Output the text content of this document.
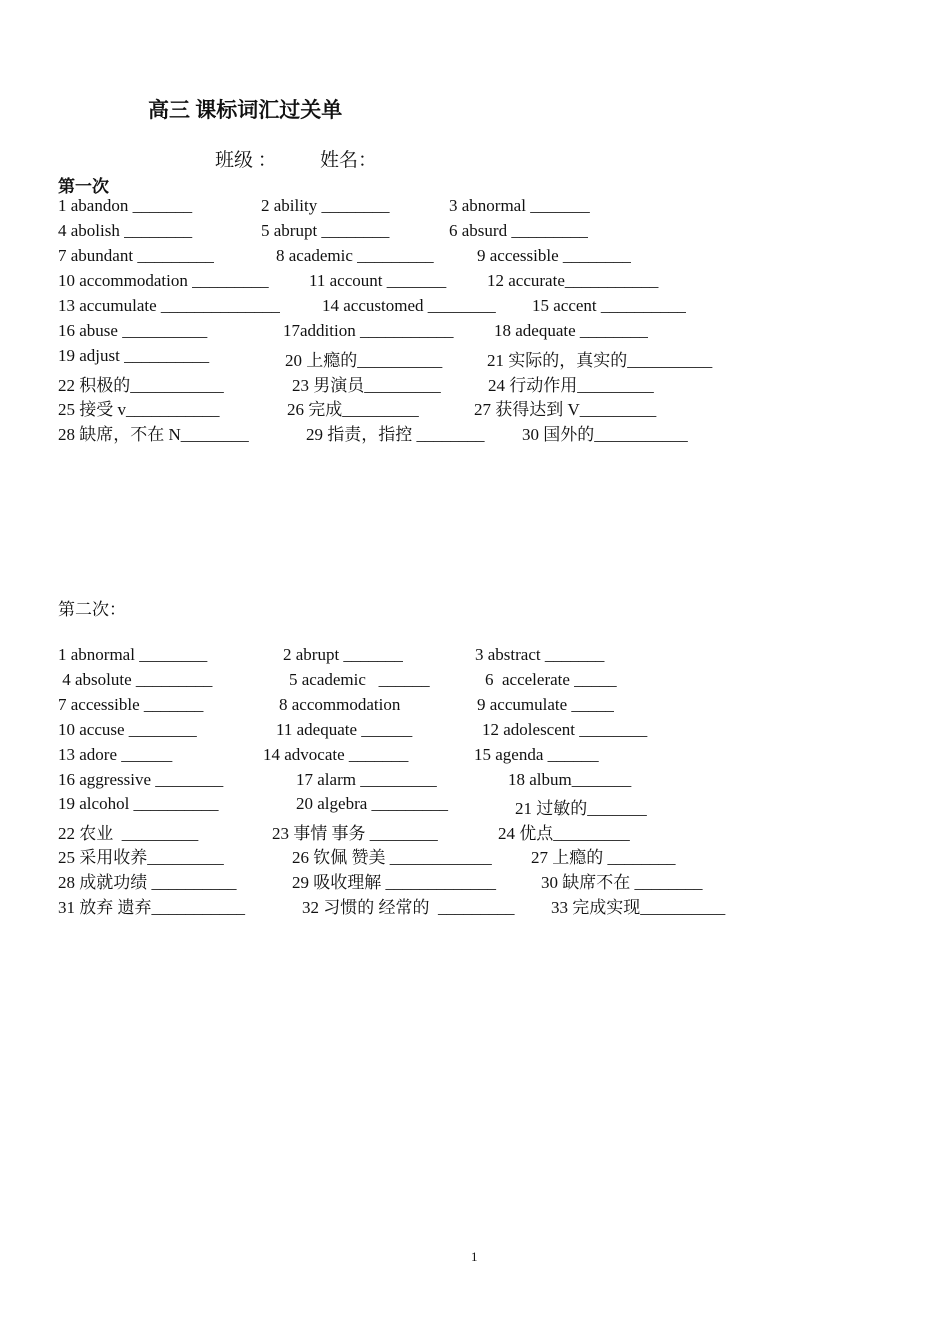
高三 课标词汇过关单
班级 ： 姓名：
第一次
1 abandon _______	2 ability ________	3 abnormal _______
4 abolish ________	5 abrupt ________	6 absurd _________
7 abundant _________	8 academic _________	9 accessible ________
10 accommodation _________ 11 account _______ 12 accurate___________
13 accumulate ______________ 14 accustomed ________ 15 accent __________
16 abuse __________	17addition ___________ 18 adequate ________
19 adjust __________	20 上瘾的__________	21 实际的，真实的__________
22 积极的___________	23 男演员_________	24 行动作用_________
25 接受 v___________	26 完成_________	27 获得达到 V_________
28 缺席，不在 N________	29 指责，指控 ________ 30 国外的___________
第二次：
1 abnormal ________	2 abrupt _______	3 abstract _______
4 absolute _________	5 academic   ______	6  accelerate _____
7 accessible _______	8 accommodation	9 accumulate _____
10 accuse ________	11 adequate ______	12 adolescent ________
13 adore ______	14 advocate _______	15 agenda ______
16 aggressive ________	17 alarm _________	18 album_______
19 alcohol __________	20 algebra _________	21 过敏的_______
22 农业  _________	23 事情 事务 ________	24 优点_________
25 采用收养_________	26 钦佩 赞美 ____________ 27 上瘾的 ________
28 成就功绩 __________	29 吸收理解 _____________	30 缺席不在 ________
31 放弃 遗弃___________	32 习惯的 经常的  _________ 33 完成实现__________
1
